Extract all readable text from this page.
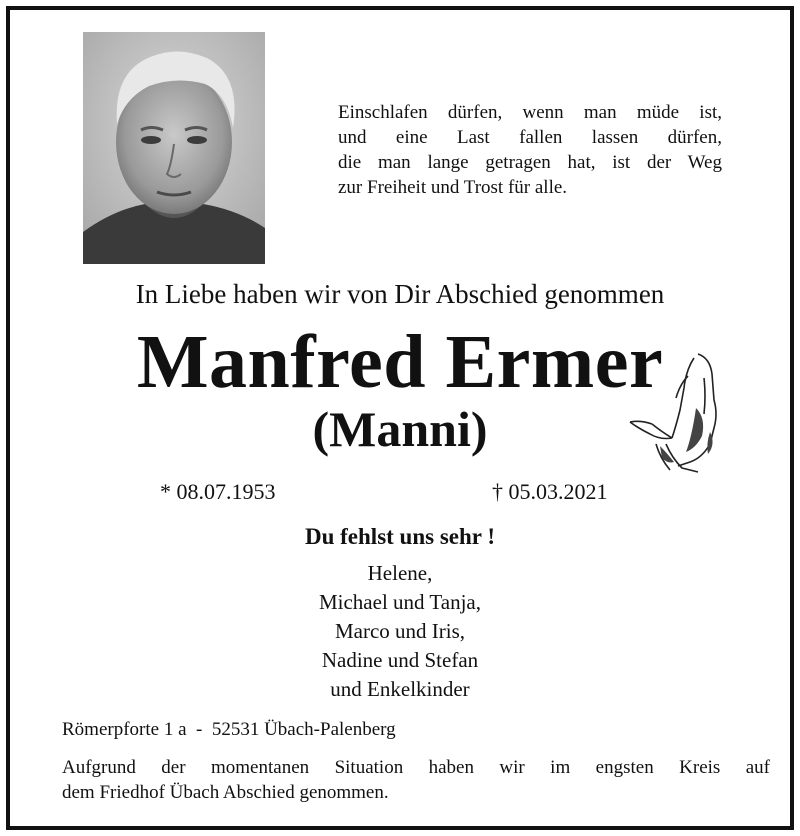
Einschlafen dürfen, wenn man müde ist,
und eine Last fallen lassen dürfen,
die man lange getragen hat, ist der Weg
zur Freiheit und Trost für alle.
In Liebe haben wir von Dir Abschied genommen
Manfred Ermer
(Manni)
* 08.07.1953	† 05.03.2021
Du fehlst uns sehr !
Helene,
Michael und Tanja,
Marco und Iris,
Nadine und Stefan
und Enkelkinder
Römerpforte 1 a  -  52531 Übach-Palenberg
Aufgrund der momentanen Situation haben wir im engsten Kreis auf
dem Friedhof Übach Abschied genommen.
